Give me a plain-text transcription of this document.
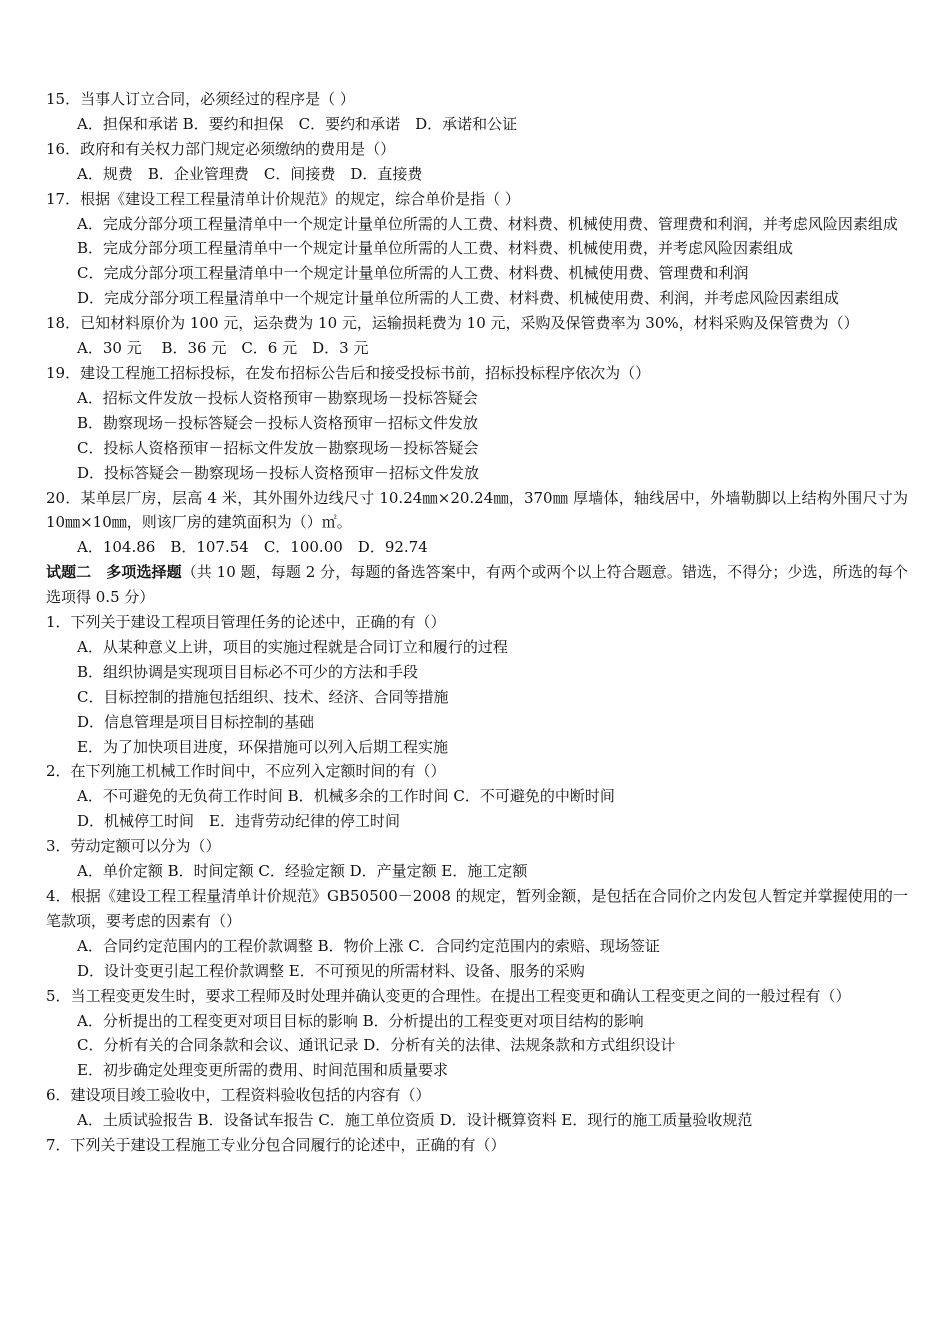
15．当事人订立合同，必须经过的程序是（ ）

A．担保和承诺 B．要约和担保　C．要约和承诺　D．承诺和公证

16．政府和有关权力部门规定必须缴纳的费用是（）

A．规费　B．企业管理费　C．间接费　D．直接费

17．根据《建设工程工程量清单计价规范》的规定，综合单价是指（ ）

A．完成分部分项工程量清单中一个规定计量单位所需的人工费、材料费、机械使用费、管理费和利润，并考虑风险因素组成

B．完成分部分项工程量清单中一个规定计量单位所需的人工费、材料费、机械使用费，并考虑风险因素组成

C．完成分部分项工程量清单中一个规定计量单位所需的人工费、材料费、机械使用费、管理费和利润

D．完成分部分项工程量清单中一个规定计量单位所需的人工费、材料费、机械使用费、利润，并考虑风险因素组成

18．已知材料原价为 100 元，运杂费为 10 元，运输损耗费为 10 元，采购及保管费率为 30%，材料采购及保管费为（）

A．30 元　 B．36 元　C．6 元　D．3 元

19．建设工程施工招标投标，在发布招标公告后和接受投标书前，招标投标程序依次为（）

A．招标文件发放－投标人资格预审－勘察现场－投标答疑会

B．勘察现场－投标答疑会－投标人资格预审－招标文件发放

C．投标人资格预审－招标文件发放－勘察现场－投标答疑会

D．投标答疑会－勘察现场－投标人资格预审－招标文件发放

20．某单层厂房，层高 4 米，其外围外边线尺寸 10.24㎜×20.24㎜，370㎜ 厚墙体，轴线居中，外墙勒脚以上结构外围尺寸为 10㎜×10㎜，则该厂房的建筑面积为（）㎡。

A．104.86　B．107.54　C．100.00　D．92.74

试题二　多项选择题（共 10 题，每题 2 分，每题的备选答案中，有两个或两个以上符合题意。错选，不得分；少选，所选的每个选项得 0.5 分）

1．下列关于建设工程项目管理任务的论述中，正确的有（）

A．从某种意义上讲，项目的实施过程就是合同订立和履行的过程

B．组织协调是实现项目目标必不可少的方法和手段

C．目标控制的措施包括组织、技术、经济、合同等措施

D．信息管理是项目目标控制的基础

E．为了加快项目进度，环保措施可以列入后期工程实施

2．在下列施工机械工作时间中，不应列入定额时间的有（）

A．不可避免的无负荷工作时间 B．机械多余的工作时间 C．不可避免的中断时间

D．机械停工时间　E．违背劳动纪律的停工时间

3．劳动定额可以分为（）

A．单价定额 B．时间定额 C．经验定额 D．产量定额 E．施工定额

4．根据《建设工程工程量清单计价规范》GB50500－2008 的规定，暂列金额，是包括在合同价之内发包人暂定并掌握使用的一笔款项，要考虑的因素有（）

A．合同约定范围内的工程价款调整 B．物价上涨 C．合同约定范围内的索赔、现场签证

D．设计变更引起工程价款调整 E．不可预见的所需材料、设备、服务的采购

5．当工程变更发生时，要求工程师及时处理并确认变更的合理性。在提出工程变更和确认工程变更之间的一般过程有（）

A．分析提出的工程变更对项目目标的影响 B．分析提出的工程变更对项目结构的影响

C．分析有关的合同条款和会议、通讯记录 D．分析有关的法律、法规条款和方式组织设计

E．初步确定处理变更所需的费用、时间范围和质量要求

6．建设项目竣工验收中，工程资料验收包括的内容有（）

A．土质试验报告 B．设备试车报告 C．施工单位资质 D．设计概算资料 E．现行的施工质量验收规范

7．下列关于建设工程施工专业分包合同履行的论述中，正确的有（）
